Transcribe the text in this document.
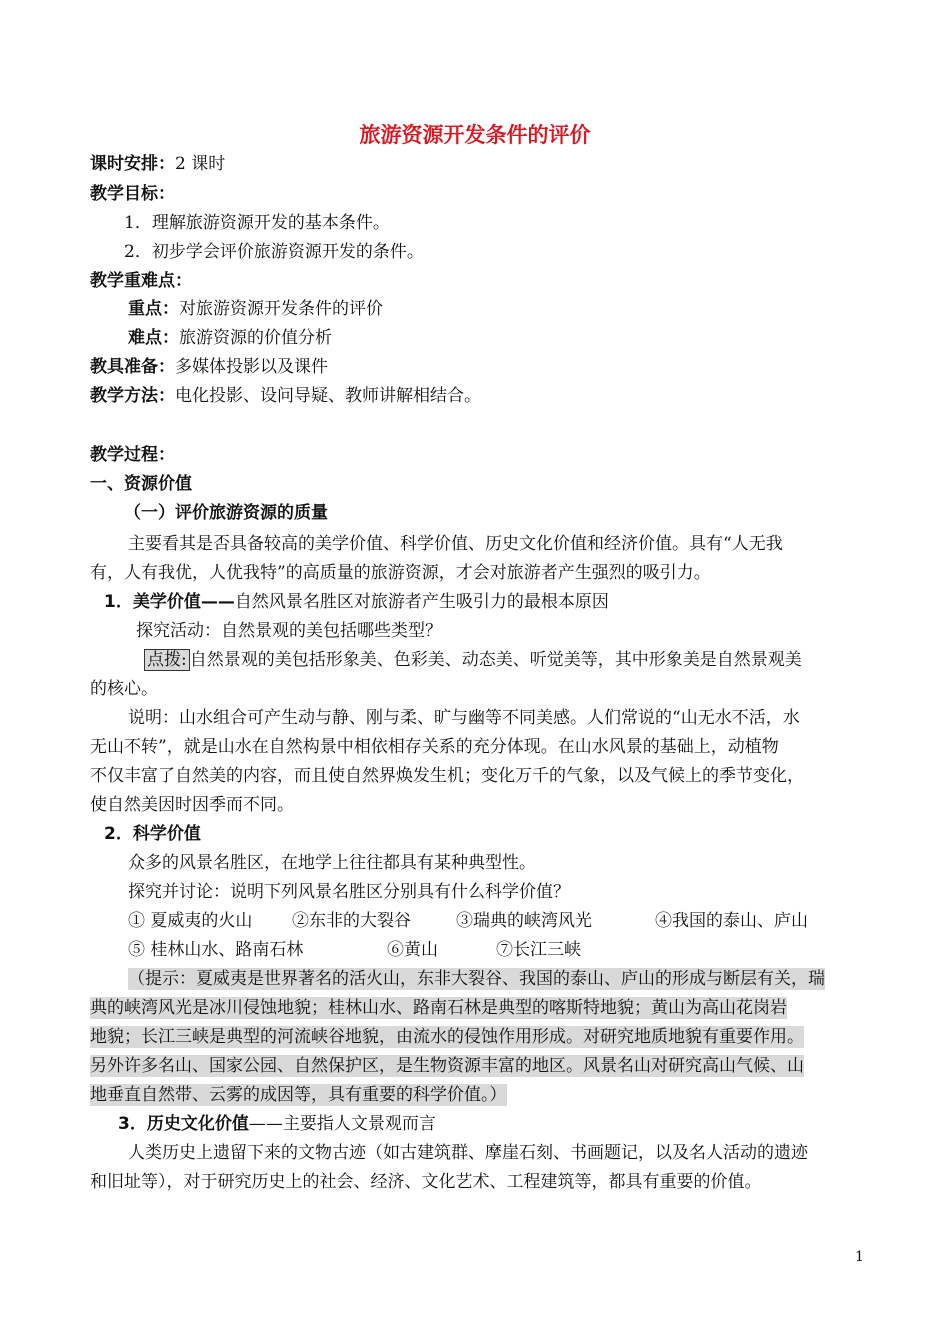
旅游资源开发条件的评价
课时安排：2 课时
教学目标：
1．理解旅游资源开发的基本条件。
2．初步学会评价旅游资源开发的条件。
教学重难点：
重点：对旅游资源开发条件的评价
难点：旅游资源的价值分析
教具准备：多媒体投影以及课件
教学方法：电化投影、设问导疑、教师讲解相结合。
教学过程：
一、资源价值
（一）评价旅游资源的质量
主要看其是否具备较高的美学价值、科学价值、历史文化价值和经济价值。具有“人无我
有，人有我优，人优我特”的高质量的旅游资源，才会对旅游者产生强烈的吸引力。
1．美学价值——自然风景名胜区对旅游者产生吸引力的最根本原因
探究活动：自然景观的美包括哪些类型？
点拨: 自然景观的美包括形象美、色彩美、动态美、听觉美等，其中形象美是自然景观美
的核心。
说明：山水组合可产生动与静、刚与柔、旷与幽等不同美感。人们常说的“山无水不活，水
无山不转”，就是山水在自然构景中相依相存关系的充分体现。在山水风景的基础上，动植物
不仅丰富了自然美的内容，而且使自然界焕发生机；变化万千的气象，以及气候上的季节变化，
使自然美因时因季而不同。
2．科学价值
众多的风景名胜区，在地学上往往都具有某种典型性。
探究并讨论：说明下列风景名胜区分别具有什么科学价值？
① 夏威夷的火山 ②东非的大裂谷	③瑞典的峡湾风光	④我国的泰山、庐山
⑤ 桂林山水、路南石林	⑥黄山	⑦长江三峡
（提示：夏威夷是世界著名的活火山，东非大裂谷、我国的泰山、庐山的形成与断层有关，瑞
典的峡湾风光是冰川侵蚀地貌；桂林山水、路南石林是典型的喀斯特地貌；黄山为高山花岗岩
地貌；长江三峡是典型的河流峡谷地貌，由流水的侵蚀作用形成。对研究地质地貌有重要作用。
另外许多名山、国家公园、自然保护区，是生物资源丰富的地区。风景名山对研究高山气候、山
地垂直自然带、云雾的成因等，具有重要的科学价值。）
3．历史文化价值——主要指人文景观而言
人类历史上遗留下来的文物古迹（如古建筑群、摩崖石刻、书画题记，以及名人活动的遗迹
和旧址等），对于研究历史上的社会、经济、文化艺术、工程建筑等，都具有重要的价值。
1
